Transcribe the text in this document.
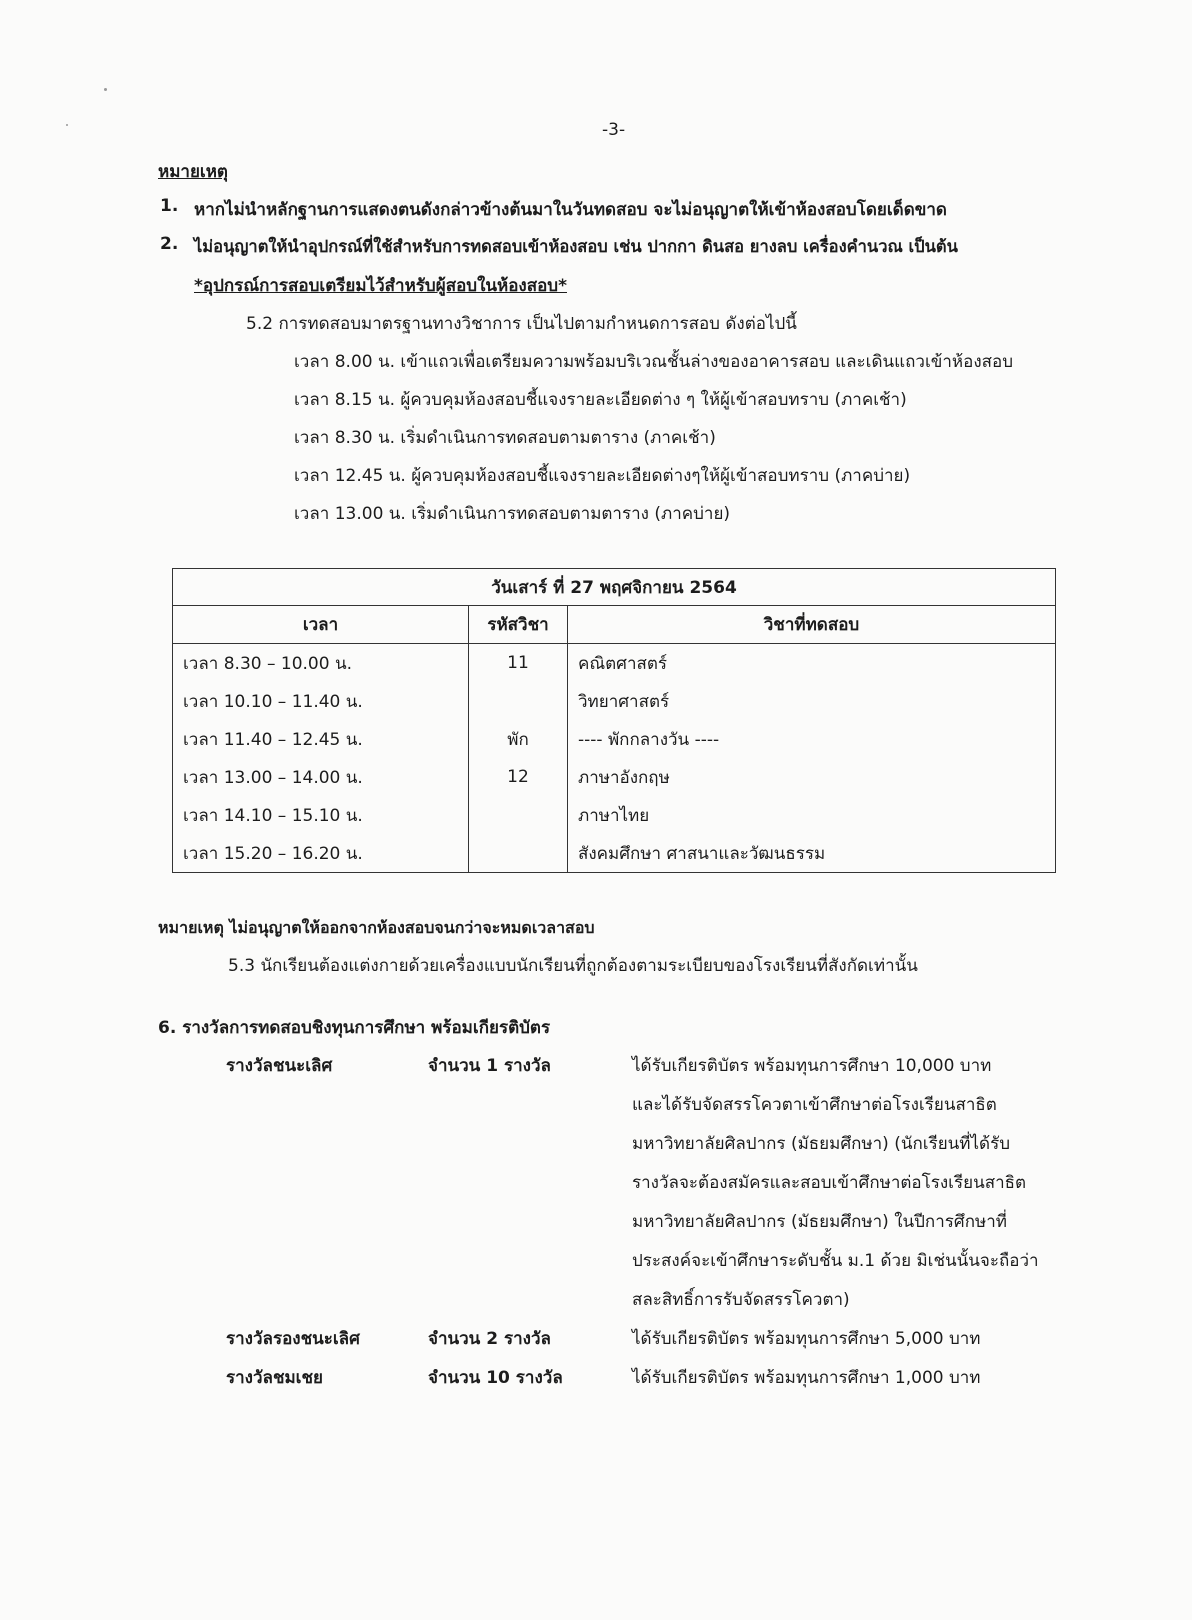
-3-
หมายเหตุ
1. หากไม่นำหลักฐานการแสดงตนดังกล่าวข้างต้นมาในวันทดสอบ จะไม่อนุญาตให้เข้าห้องสอบโดยเด็ดขาด
2. ไม่อนุญาตให้นำอุปกรณ์ที่ใช้สำหรับการทดสอบเข้าห้องสอบ เช่น ปากกา ดินสอ ยางลบ เครื่องคำนวณ เป็นต้น
*อุปกรณ์การสอบเตรียมไว้สำหรับผู้สอบในห้องสอบ*
5.2 การทดสอบมาตรฐานทางวิชาการ เป็นไปตามกำหนดการสอบ ดังต่อไปนี้
เวลา 8.00 น. เข้าแถวเพื่อเตรียมความพร้อมบริเวณชั้นล่างของอาคารสอบ และเดินแถวเข้าห้องสอบ
เวลา 8.15 น. ผู้ควบคุมห้องสอบชี้แจงรายละเอียดต่าง ๆ ให้ผู้เข้าสอบทราบ (ภาคเช้า)
เวลา 8.30 น. เริ่มดำเนินการทดสอบตามตาราง (ภาคเช้า)
เวลา 12.45 น. ผู้ควบคุมห้องสอบชี้แจงรายละเอียดต่างๆให้ผู้เข้าสอบทราบ (ภาคบ่าย)
เวลา 13.00 น. เริ่มดำเนินการทดสอบตามตาราง (ภาคบ่าย)
วันเสาร์ ที่ 27 พฤศจิกายน 2564		
เวลา	รหัสวิชา	วิชาที่ทดสอบ
เวลา 8.30 – 10.00 น.	11	คณิตศาสตร์
เวลา 10.10 – 11.40 น.		วิทยาศาสตร์
เวลา 11.40 – 12.45 น.	พัก	---- พักกลางวัน ----
เวลา 13.00 – 14.00 น.	12	ภาษาอังกฤษ
เวลา 14.10 – 15.10 น.		ภาษาไทย
เวลา 15.20 – 16.20 น.		สังคมศึกษา ศาสนาและวัฒนธรรม
หมายเหตุ ไม่อนุญาตให้ออกจากห้องสอบจนกว่าจะหมดเวลาสอบ
5.3 นักเรียนต้องแต่งกายด้วยเครื่องแบบนักเรียนที่ถูกต้องตามระเบียบของโรงเรียนที่สังกัดเท่านั้น
6. รางวัลการทดสอบชิงทุนการศึกษา พร้อมเกียรติบัตร
รางวัลชนะเลิศ	จำนวน 1 รางวัล	ได้รับเกียรติบัตร พร้อมทุนการศึกษา 10,000 บาท
และได้รับจัดสรรโควตาเข้าศึกษาต่อโรงเรียนสาธิต
มหาวิทยาลัยศิลปากร (มัธยมศึกษา) (นักเรียนที่ได้รับ
รางวัลจะต้องสมัครและสอบเข้าศึกษาต่อโรงเรียนสาธิต
มหาวิทยาลัยศิลปากร (มัธยมศึกษา) ในปีการศึกษาที่
ประสงค์จะเข้าศึกษาระดับชั้น ม.1 ด้วย มิเช่นนั้นจะถือว่า
สละสิทธิ์การรับจัดสรรโควตา)
รางวัลรองชนะเลิศ	จำนวน 2 รางวัล	ได้รับเกียรติบัตร พร้อมทุนการศึกษา 5,000 บาท
รางวัลชมเชย	จำนวน 10 รางวัล	ได้รับเกียรติบัตร พร้อมทุนการศึกษา 1,000 บาท
